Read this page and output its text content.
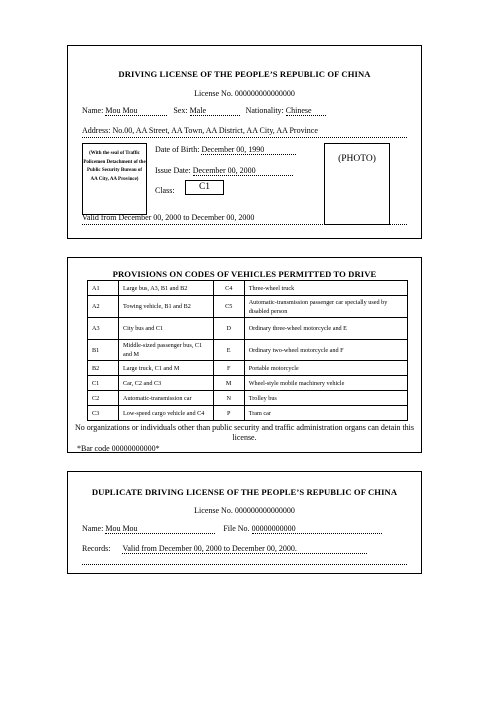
DRIVING LICENSE OF THE PEOPLE’S REPUBLIC OF CHINA
License No. 000000000000000
Name: Mou Mou	Sex: Male	Nationality: Chinese
Address: No.00, AA Street, AA Town, AA District, AA City, AA Province
(With the seal of Traffic Policemen Detachment of the Public Security Bureau of AA City, AA Province)
Date of Birth: December 00, 1990
Issue Date: December 00, 2000
Class:	C1
(PHOTO)
Valid from December 00, 2000 to December 00, 2000
PROVISIONS ON CODES OF VEHICLES PERMITTED TO DRIVE
A1	Large bus, A3, B1 and B2	C4	Three-wheel truck
A2	Towing vehicle, B1 and B2	C5	Automatic-transmission passenger car specially used by disabled person
A3	City bus and C1	D	Ordinary three-wheel motorcycle and E
B1	Middle-sized passenger bus, C1 and M	E	Ordinary two-wheel motorcycle and F
B2	Large truck, C1 and M	F	Portable motorcycle
C1	Car, C2 and C3	M	Wheel-style mobile machinery vehicle
C2	Automatic-transmission car	N	Trolley bus
C3	Low-speed cargo vehicle and C4	P	Tram car
No organizations or individuals other than public security and traffic administration organs can detain this license.
*Bar code 00000000000*
DUPLICATE DRIVING LICENSE OF THE PEOPLE’S REPUBLIC OF CHINA
License No. 000000000000000
Name: Mou Mou	File No. 00000000000
Records: Valid from December 00, 2000 to December 00, 2000.
